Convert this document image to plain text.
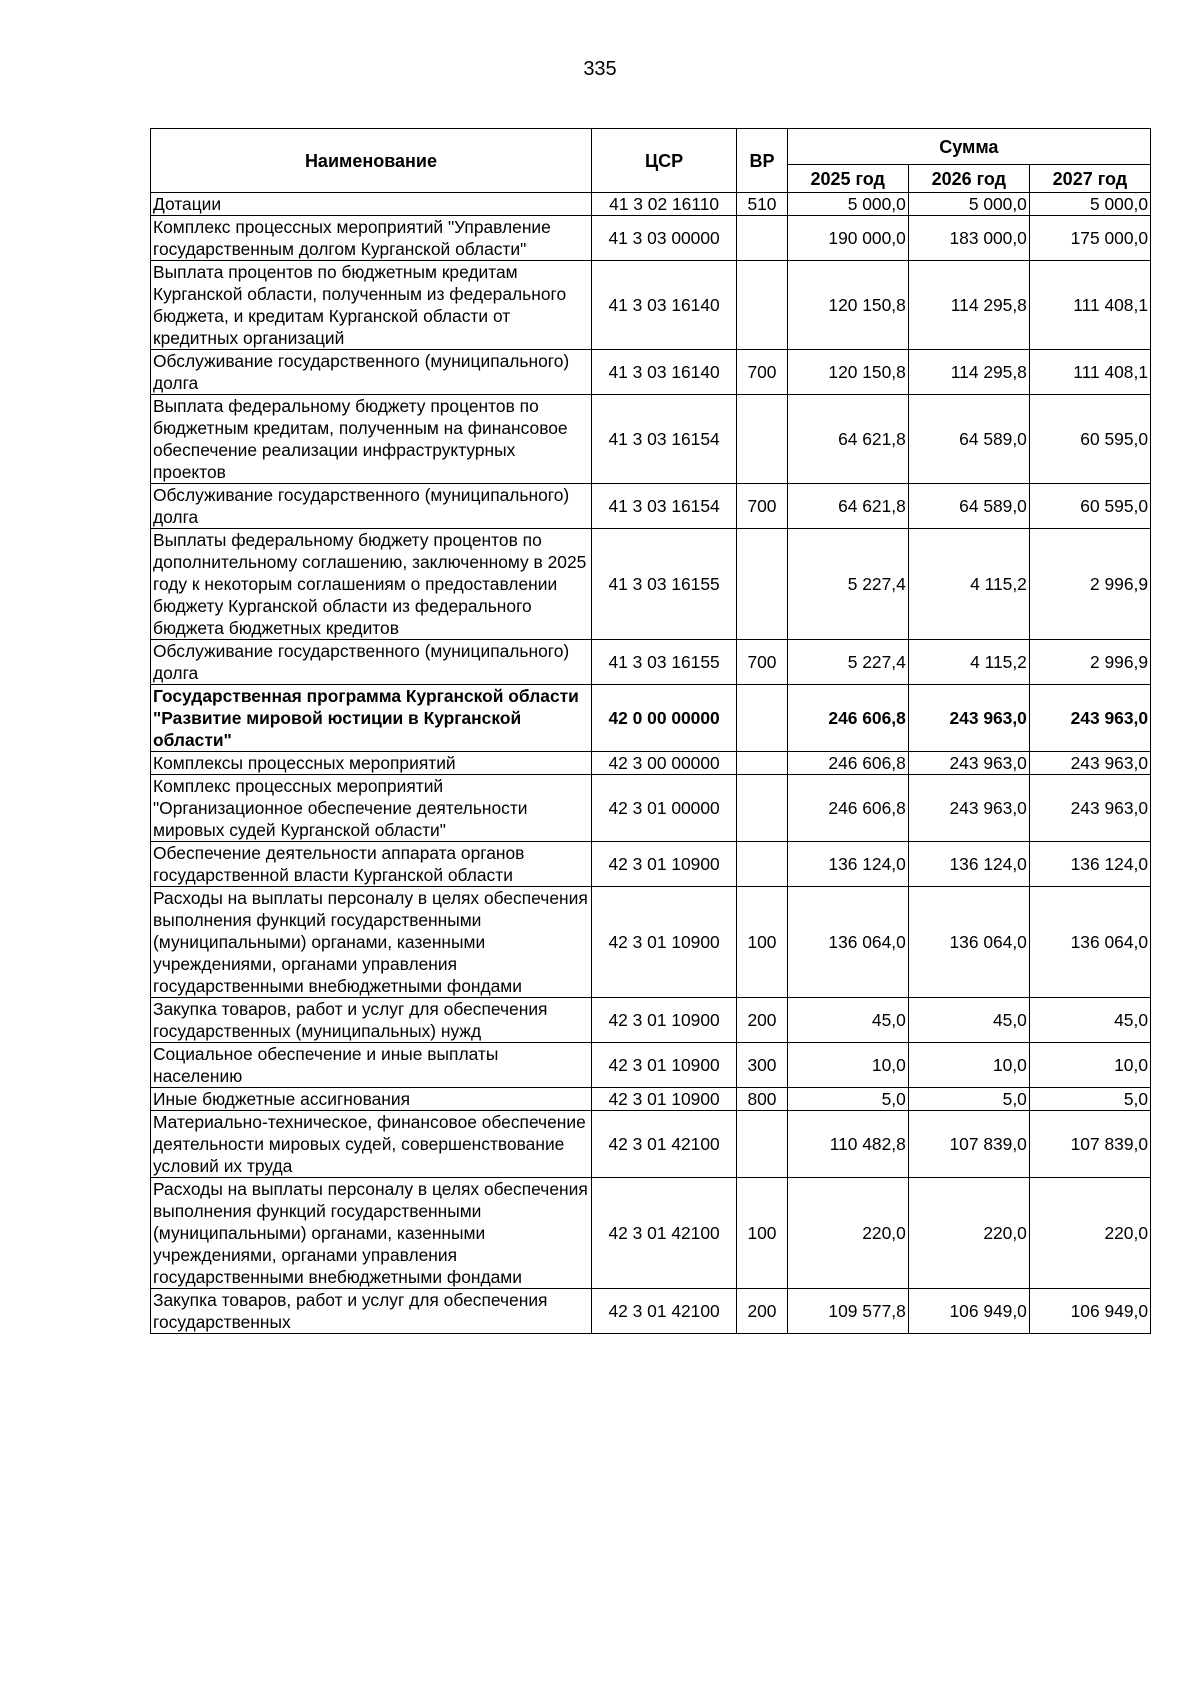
335
Наименование	ЦСР	ВР	Сумма		
			2025 год	2026 год	2027 год
Дотации	41 3 02 16110	510	5 000,0	5 000,0	5 000,0
Комплекс процессных мероприятий "Управление государственным долгом Курганской области"	41 3 03 00000		190 000,0	183 000,0	175 000,0
Выплата процентов по бюджетным кредитам Курганской области, полученным из федерального бюджета, и кредитам Курганской области от кредитных организаций	41 3 03 16140		120 150,8	114 295,8	111 408,1
Обслуживание государственного (муниципального) долга	41 3 03 16140	700	120 150,8	114 295,8	111 408,1
Выплата федеральному бюджету процентов по бюджетным кредитам, полученным на финансовое обеспечение реализации инфраструктурных проектов	41 3 03 16154		64 621,8	64 589,0	60 595,0
Обслуживание государственного (муниципального) долга	41 3 03 16154	700	64 621,8	64 589,0	60 595,0
Выплаты федеральному бюджету процентов по дополнительному соглашению, заключенному в 2025 году к некоторым соглашениям о предоставлении бюджету Курганской области из федерального бюджета бюджетных кредитов	41 3 03 16155		5 227,4	4 115,2	2 996,9
Обслуживание государственного (муниципального) долга	41 3 03 16155	700	5 227,4	4 115,2	2 996,9
Государственная программа Курганской области "Развитие мировой юстиции в Курганской области"	42 0 00 00000		246 606,8	243 963,0	243 963,0
Комплексы процессных мероприятий	42 3 00 00000		246 606,8	243 963,0	243 963,0
Комплекс процессных мероприятий "Организационное обеспечение деятельности мировых судей Курганской области"	42 3 01 00000		246 606,8	243 963,0	243 963,0
Обеспечение деятельности аппарата органов государственной власти Курганской области	42 3 01 10900		136 124,0	136 124,0	136 124,0
Расходы на выплаты персоналу в целях обеспечения выполнения функций государственными (муниципальными) органами, казенными учреждениями, органами управления государственными внебюджетными фондами	42 3 01 10900	100	136 064,0	136 064,0	136 064,0
Закупка товаров, работ и услуг для обеспечения государственных (муниципальных) нужд	42 3 01 10900	200	45,0	45,0	45,0
Социальное обеспечение и иные выплаты населению	42 3 01 10900	300	10,0	10,0	10,0
Иные бюджетные ассигнования	42 3 01 10900	800	5,0	5,0	5,0
Материально-техническое, финансовое обеспечение деятельности мировых судей, совершенствование условий их труда	42 3 01 42100		110 482,8	107 839,0	107 839,0
Расходы на выплаты персоналу в целях обеспечения выполнения функций государственными (муниципальными) органами, казенными учреждениями, органами управления государственными внебюджетными фондами	42 3 01 42100	100	220,0	220,0	220,0
Закупка товаров, работ и услуг для обеспечения государственных	42 3 01 42100	200	109 577,8	106 949,0	106 949,0
